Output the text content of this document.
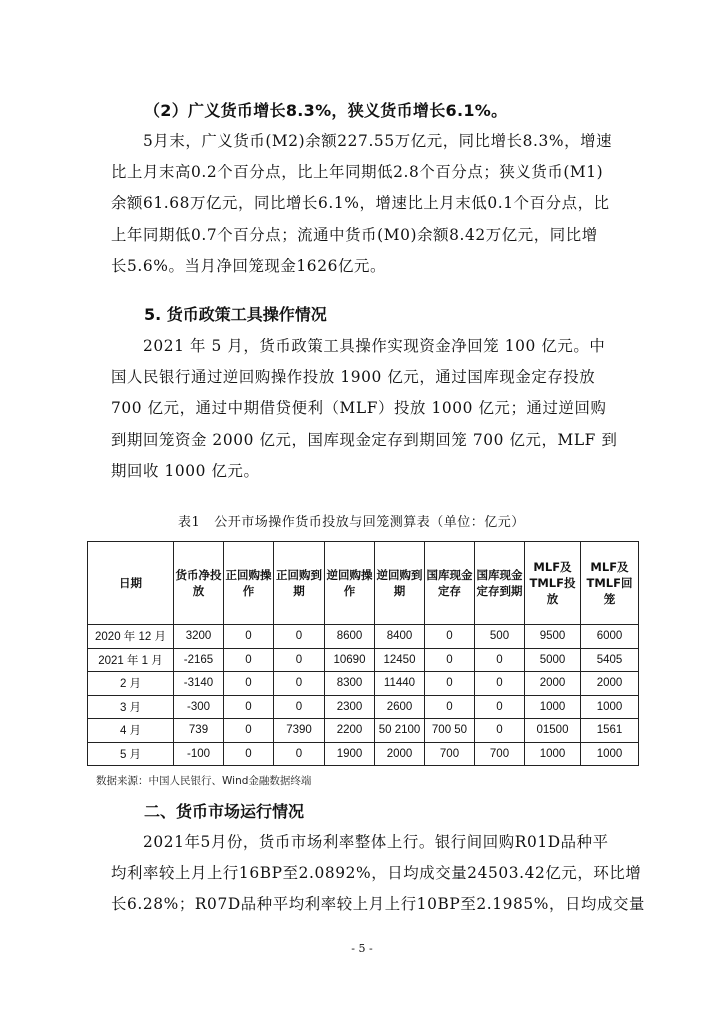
（2）广义货币增长8.3%，狭义货币增长6.1%。
5月末，广义货币(M2)余额227.55万亿元，同比增长8.3%，增速
比上月末高0.2个百分点，比上年同期低2.8个百分点；狭义货币(M1)
余额61.68万亿元，同比增长6.1%，增速比上月末低0.1个百分点，比
上年同期低0.7个百分点；流通中货币(M0)余额8.42万亿元，同比增
长5.6%。当月净回笼现金1626亿元。
5. 货币政策工具操作情况
2021 年 5 月，货币政策工具操作实现资金净回笼 100 亿元。中
国人民银行通过逆回购操作投放 1900 亿元，通过国库现金定存投放
700 亿元，通过中期借贷便利（MLF）投放 1000 亿元；通过逆回购
到期回笼资金 2000 亿元，国库现金定存到期回笼 700 亿元，MLF 到
期回收 1000 亿元。
表1 公开市场操作货币投放与回笼测算表（单位：亿元）
日期	货币净投放	正回购操作	正回购到期	逆回购操作	逆回购到期	国库现金定存	国库现金定存到期	MLF及TMLF投放	MLF及TMLF回笼
2020 年 12 月	3200	0	0	8600	8400	0	500	9500	6000
2021 年 1 月	-2165	0	0	10690	12450	0	0	5000	5405
2 月	-3140	0	0	8300	11440	0	0	2000	2000
3 月	-300	0	0	2300	2600	0	0	1000	1000
4 月	739	0	7390	2200	50 2100	700 50	0	01500	1561
5 月	-100	0	0	1900	2000	700	700	1000	1000
数据来源：中国人民银行、Wind金融数据终端
二、货币市场运行情况
2021年5月份，货币市场利率整体上行。银行间回购R01D品种平
均利率较上月上行16BP至2.0892%，日均成交量24503.42亿元，环比增
长6.28%；R07D品种平均利率较上月上行10BP至2.1985%，日均成交量
- 5 -
